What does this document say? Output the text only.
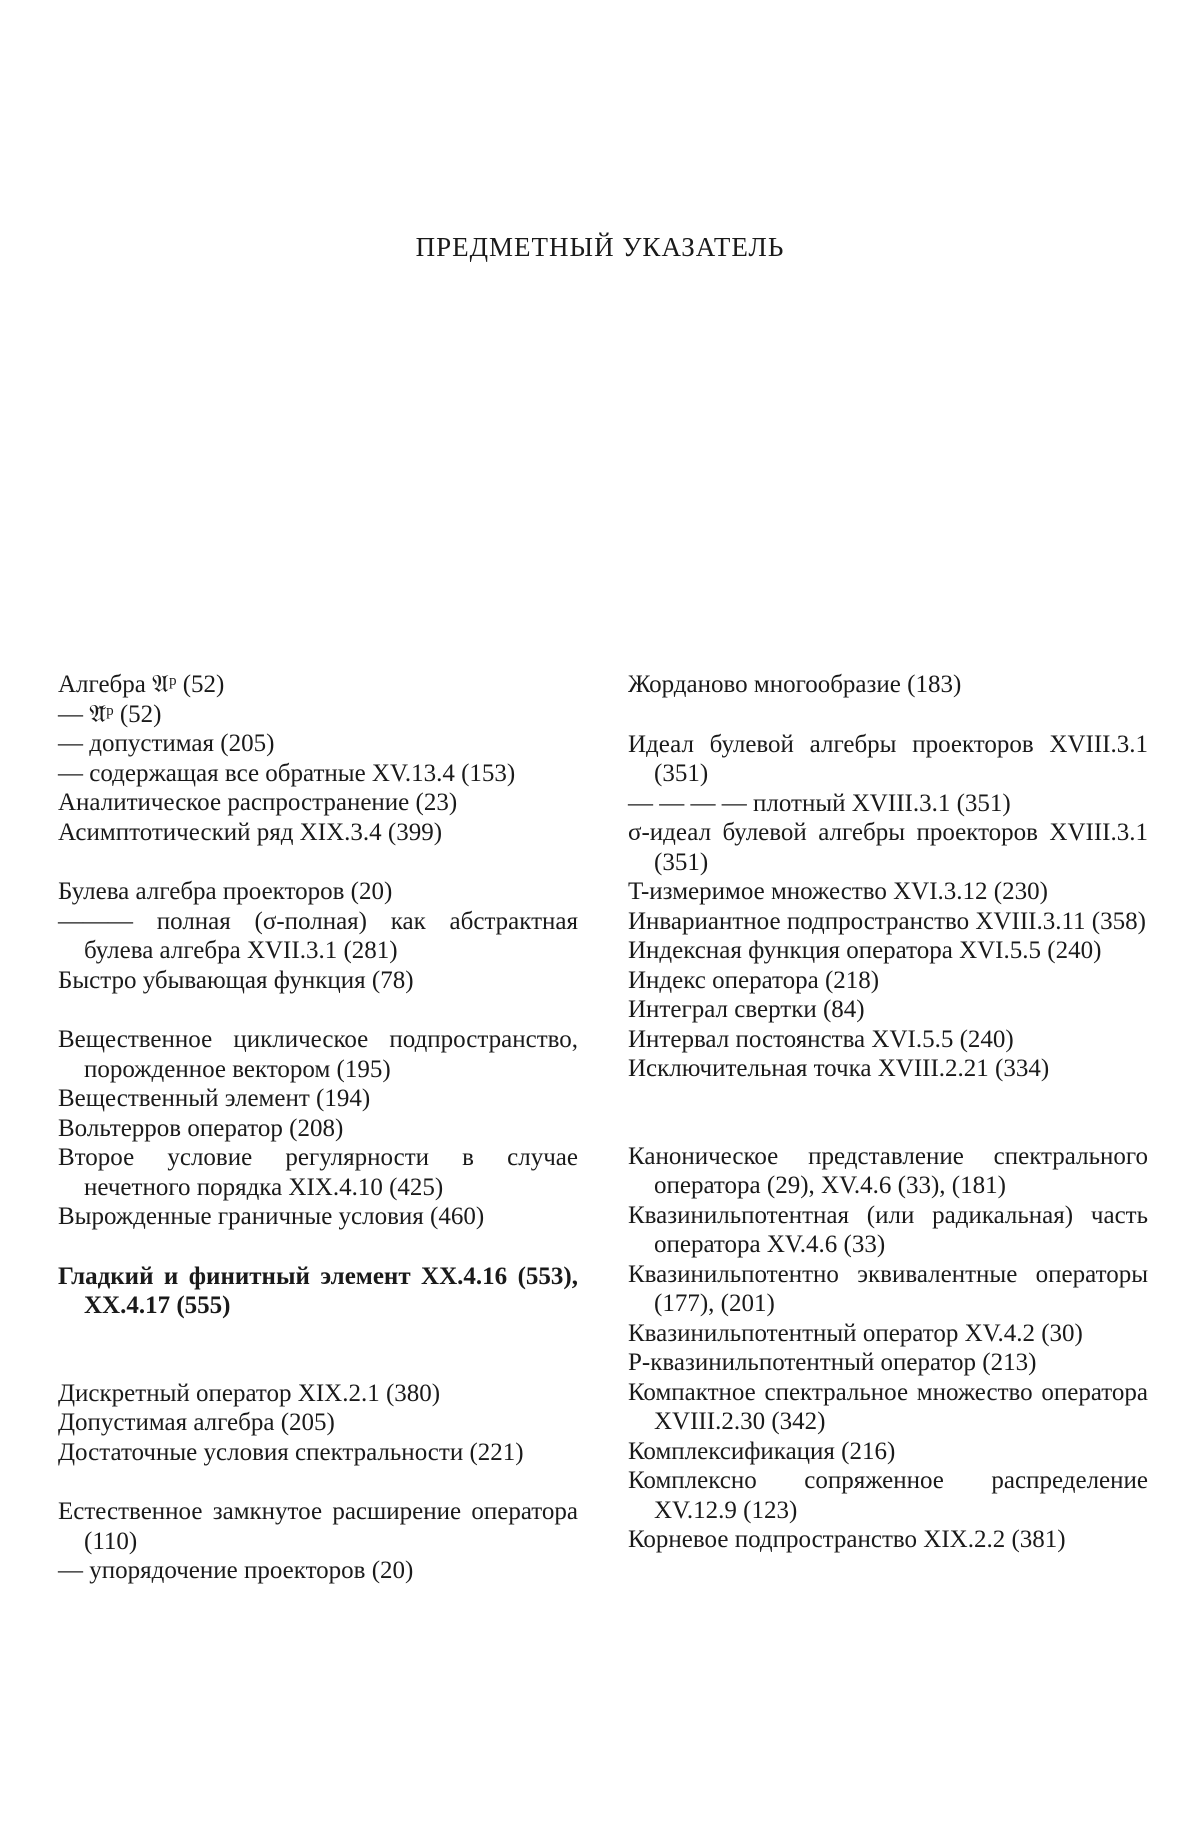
ПРЕДМЕТНЫЙ УКАЗАТЕЛЬ
Алгебра 𝔄ᵖ (52)
— 𝔄̃ᵖ (52)
— допустимая (205)
— содержащая все обратные XV.13.4 (153)
Аналитическое распространение (23)
Асимптотический ряд XIX.3.4 (399)
Булева алгебра проекторов (20)
——— полная (σ-полная) как абстрактная булева алгебра XVII.3.1 (281)
Быстро убывающая функция (78)
Вещественное циклическое подпространство, порожденное вектором (195)
Вещественный элемент (194)
Вольтерров оператор (208)
Второе условие регулярности в случае нечетного порядка XIX.4.10 (425)
Вырожденные граничные условия (460)
Гладкий и финитный элемент XX.4.16 (553), XX.4.17 (555)
Дискретный оператор XIX.2.1 (380)
Допустимая алгебра (205)
Достаточные условия спектральности (221)
Естественное замкнутое расширение оператора (110)
— упорядочение проекторов (20)
Жорданово многообразие (183)
Идеал булевой алгебры проекторов XVIII.3.1 (351)
— — — — плотный XVIII.3.1 (351)
σ-идеал булевой алгебры проекторов XVIII.3.1 (351)
T-измеримое множество XVI.3.12 (230)
Инвариантное подпространство XVIII.3.11 (358)
Индексная функция оператора XVI.5.5 (240)
Индекс оператора (218)
Интеграл свертки (84)
Интервал постоянства XVI.5.5 (240)
Исключительная точка XVIII.2.21 (334)
Каноническое представление спектрального оператора (29), XV.4.6 (33), (181)
Квазинильпотентная (или радикальная) часть оператора XV.4.6 (33)
Квазинильпотентно эквивалентные операторы (177), (201)
Квазинильпотентный оператор XV.4.2 (30)
P-квазинильпотентный оператор (213)
Компактное спектральное множество оператора XVIII.2.30 (342)
Комплексификация (216)
Комплексно сопряженное распределение XV.12.9 (123)
Корневое подпространство XIX.2.2 (381)
